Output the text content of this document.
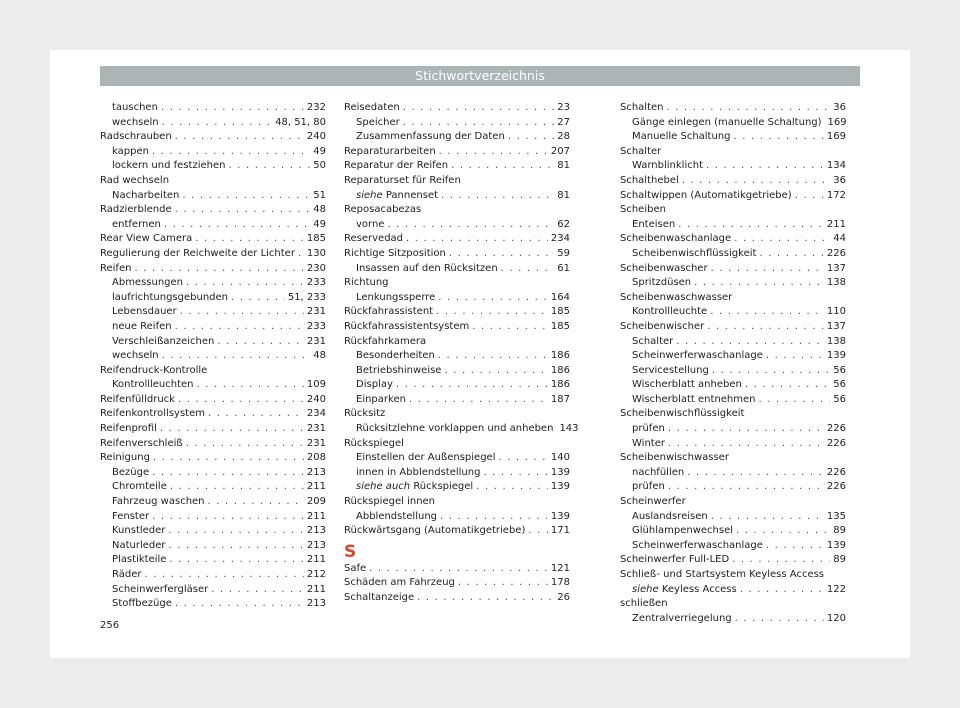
Stichwortverzeichnis
tauschen . . .	232
wechseln . . .	48, 51, 80
Radschrauben . . .	240
kappen . . .	49
lockern und festziehen . . .	50
Rad wechseln
Nacharbeiten . . .	51
Radzierblende . . .	48
entfernen . . .	49
Rear View Camera . . .	185
Regulierung der Reichweite der Lichter . . . 130
Reifen . . .	230
Abmessungen . . .	233
laufrichtungsgebunden . . .	51, 233
Lebensdauer . . .	231
neue Reifen . . .	233
Verschleißanzeichen . . .	231
wechseln . . .	48
Reifendruck-Kontrolle
Kontrollleuchten . . .	109
Reifenfülldruck . . .	240
Reifenkontrollsystem . . .	234
Reifenprofil . . .	231
Reifenverschleiß . . .	231
Reinigung . . .	208
Bezüge . . .	213
Chromteile . . .	211
Fahrzeug waschen . . .	209
Fenster . . .	211
Kunstleder . . .	213
Naturleder . . .	213
Plastikteile . . .	211
Räder . . .	212
Scheinwerfergläser . . .	211
Stoffbezüge . . .	213
Reisedaten . . .	23
Speicher . . .	27
Zusammenfassung der Daten . . .	28
Reparaturarbeiten . . .	207
Reparatur der Reifen . . .	81
Reparaturset für Reifen
siehe Pannenset . . .	81
Reposacabezas
vorne . . .	62
Reservedad . . .	234
Richtige Sitzposition . . .	59
Insassen auf den Rücksitzen . . .	61
Richtung
Lenkungssperre . . .	164
Rückfahrassistent . . .	185
Rückfahrassistentsystem . . .	185
Rückfahrkamera
Besonderheiten . . .	186
Betriebshinweise . . .	186
Display . . .	186
Einparken . . .	187
Rücksitz
Rücksitzlehne vorklappen und anheben 143
Rückspiegel
Einstellen der Außenspiegel . . .	140
innen in Abblendstellung . . .	139
siehe auch Rückspiegel . . .	139
Rückspiegel innen
Abblendstellung . . .	139
Rückwärtsgang (Automatikgetriebe) . . .	171
S
Safe . . .	121
Schäden am Fahrzeug . . .	178
Schaltanzeige . . .	26
Schalten . . .	36
Gänge einlegen (manuelle Schaltung) 169
Manuelle Schaltung . . .	169
Schalter
Warnblinklicht . . .	134
Schalthebel . . .	36
Schaltwippen (Automatikgetriebe) . . .	172
Scheiben
Enteisen . . .	211
Scheibenwaschanlage . . .	44
Scheibenwischflüssigkeit . . .	226
Scheibenwascher . . .	137
Spritzdüsen . . .	138
Scheibenwaschwasser
Kontrollleuchte . . .	110
Scheibenwischer . . .	137
Schalter . . .	138
Scheinwerferwaschanlage . . .	139
Servicestellung . . .	56
Wischerblatt anheben . . .	56
Wischerblatt entnehmen . . .	56
Scheibenwischflüssigkeit
prüfen . . .	226
Winter . . .	226
Scheibenwischwasser
nachfüllen . . .	226
prüfen . . .	226
Scheinwerfer
Auslandsreisen . . .	135
Glühlampenwechsel . . .	89
Scheinwerferwaschanlage . . .	139
Scheinwerfer Full-LED . . .	89
Schließ- und Startsystem Keyless Access
siehe Keyless Access . . .	122
schließen
Zentralverriegelung . . .	120
256
